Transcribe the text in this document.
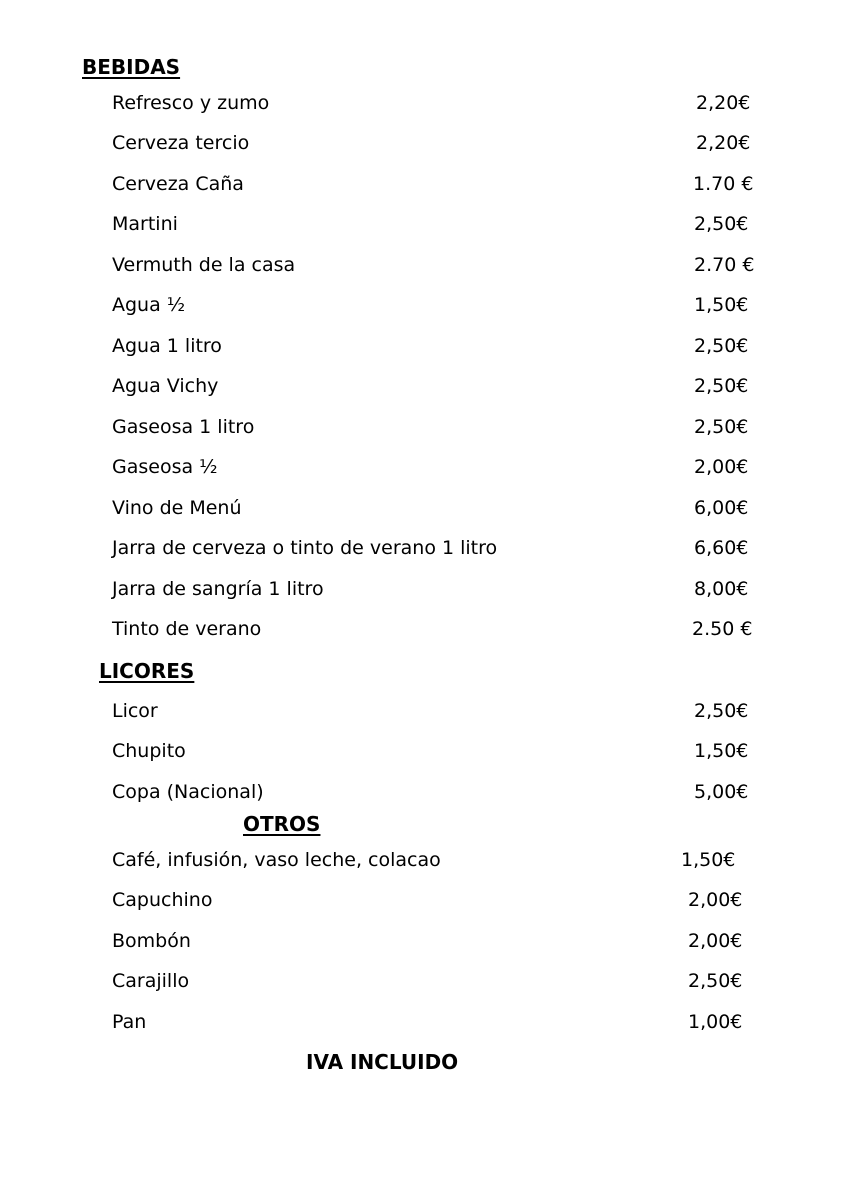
BEBIDAS
Refresco y zumo	2,20€
Cerveza tercio	2,20€
Cerveza Caña	1.70 €
Martini	2,50€
Vermuth de la casa	2.70 €
Agua ½	1,50€
Agua 1 litro	2,50€
Agua Vichy	2,50€
Gaseosa 1 litro	2,50€
Gaseosa ½	2,00€
Vino de Menú	6,00€
Jarra de cerveza o tinto de verano 1 litro	6,60€
Jarra de sangría 1 litro	8,00€
Tinto de verano	2.50 €
LICORES
Licor	2,50€
Chupito	1,50€
Copa (Nacional)	5,00€
OTROS
Café, infusión, vaso leche, colacao	1,50€
Capuchino	2,00€
Bombón	2,00€
Carajillo	2,50€
Pan	1,00€
IVA INCLUIDO
